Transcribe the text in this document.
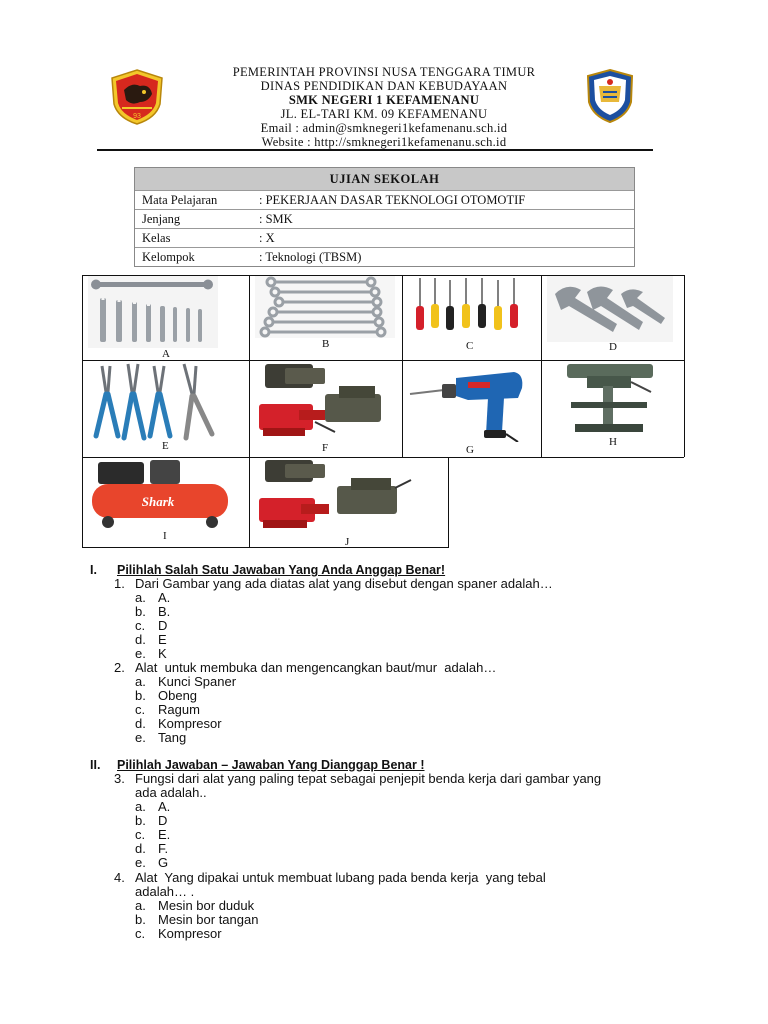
93
PEMERINTAH PROVINSI NUSA TENGGARA TIMUR
DINAS PENDIDIKAN DAN KEBUDAYAAN
SMK NEGERI 1 KEFAMENANU
JL. EL-TARI KM. 09 KEFAMENANU
Email : admin@smknegeri1kefamenanu.sch.id
Website : http://smknegeri1kefamenanu.sch.id
UJIAN SEKOLAH
Mata Pelajaran	: PEKERJAAN DASAR TEKNOLOGI OTOMOTIF
Jenjang	: SMK
Kelas	: X
Kelompok	: Teknologi (TBSM)
A
B	C	D
E	F	G
H
Shark
I	J
I. Pilihlah Salah Satu Jawaban Yang Anda Anggap Benar!
1. Dari Gambar yang ada diatas alat yang disebut dengan spaner adalah…
a. A.
b. B.
c. D
d. E
e. K
2. Alat  untuk membuka dan mengencangkan baut/mur  adalah…
a. Kunci Spaner
b. Obeng
c. Ragum
d. Kompresor
e. Tang
II. Pilihlah Jawaban – Jawaban Yang Dianggap Benar !
3. Fungsi dari alat yang paling tepat sebagai penjepit benda kerja dari gambar yang
ada adalah..
a. A.
b. D
c. E.
d. F.
e. G
4. Alat  Yang dipakai untuk membuat lubang pada benda kerja  yang tebal
adalah… .
a. Mesin bor duduk
b. Mesin bor tangan
c. Kompresor
